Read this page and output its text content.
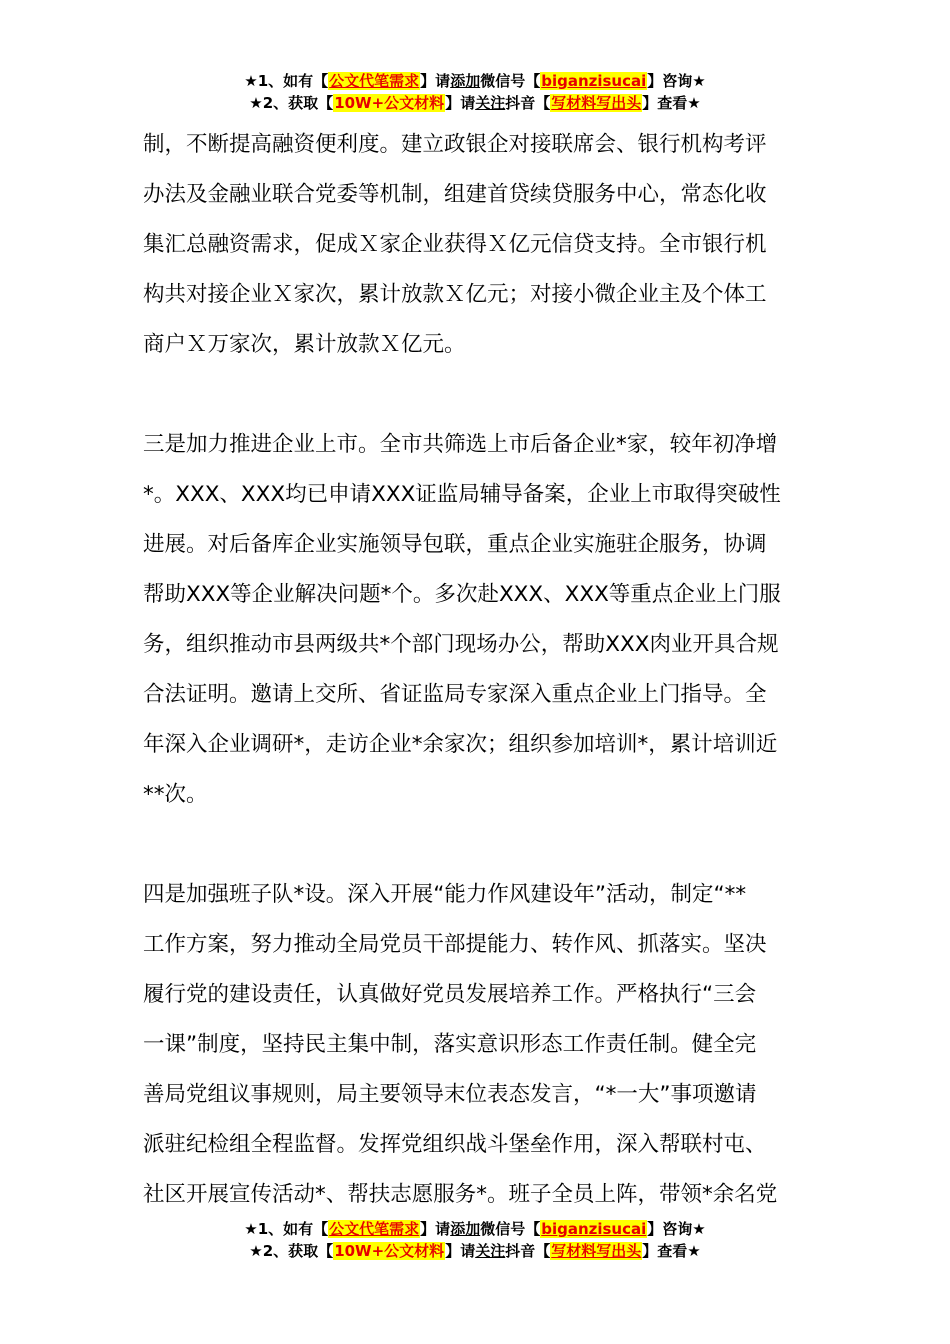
★1、如有【公文代笔需求】请添加微信号【biganzisucai】咨询★
★2、获取【10W+公文材料】请关注抖音【写材料写出头】查看★
制，不断提高融资便利度。建立政银企对接联席会、银行机构考评
办法及金融业联合党委等机制，组建首贷续贷服务中心，常态化收
集汇总融资需求，促成Ｘ家企业获得Ｘ亿元信贷支持。全市银行机
构共对接企业Ｘ家次，累计放款Ｘ亿元；对接小微企业主及个体工
商户Ｘ万家次，累计放款Ｘ亿元。
三是加力推进企业上市。全市共筛选上市后备企业*家，较年初净增
*。XXX、XXX均已申请XXX证监局辅导备案，企业上市取得突破性
进展。对后备库企业实施领导包联，重点企业实施驻企服务，协调
帮助XXX等企业解决问题*个。多次赴XXX、XXX等重点企业上门服
务，组织推动市县两级共*个部门现场办公，帮助XXX肉业开具合规
合法证明。邀请上交所、省证监局专家深入重点企业上门指导。全
年深入企业调研*，走访企业*余家次；组织参加培训*，累计培训近
**次。
四是加强班子队*设。深入开展“能力作风建设年”活动，制定“**
工作方案，努力推动全局党员干部提能力、转作风、抓落实。坚决
履行党的建设责任，认真做好党员发展培养工作。严格执行“三会
一课”制度，坚持民主集中制，落实意识形态工作责任制。健全完
善局党组议事规则，局主要领导末位表态发言，“*一大”事项邀请
派驻纪检组全程监督。发挥党组织战斗堡垒作用，深入帮联村屯、
社区开展宣传活动*、帮扶志愿服务*。班子全员上阵，带领*余名党
★1、如有【公文代笔需求】请添加微信号【biganzisucai】咨询★
★2、获取【10W+公文材料】请关注抖音【写材料写出头】查看★
